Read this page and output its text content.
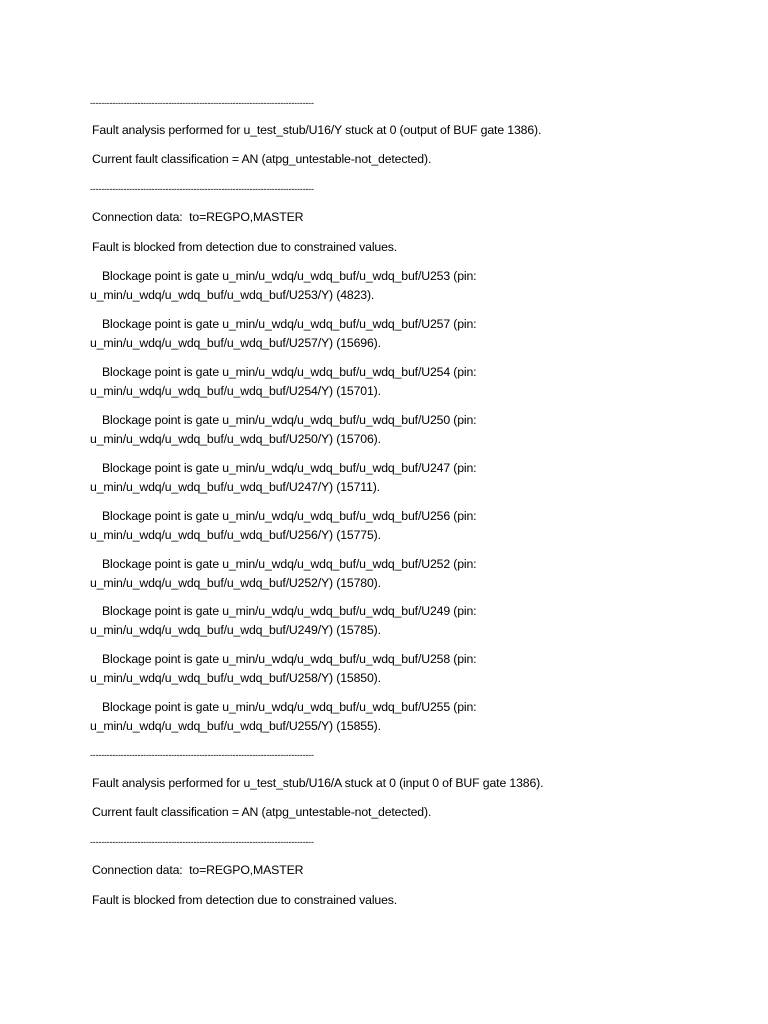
--------------------------------------------------------------------------------
Fault analysis performed for u_test_stub/U16/Y stuck at 0 (output of BUF gate 1386).
Current fault classification = AN (atpg_untestable-not_detected).
--------------------------------------------------------------------------------
Connection data:  to=REGPO,MASTER
Fault is blocked from detection due to constrained values.
Blockage point is gate u_min/u_wdq/u_wdq_buf/u_wdq_buf/U253 (pin:
u_min/u_wdq/u_wdq_buf/u_wdq_buf/U253/Y) (4823).
Blockage point is gate u_min/u_wdq/u_wdq_buf/u_wdq_buf/U257 (pin:
u_min/u_wdq/u_wdq_buf/u_wdq_buf/U257/Y) (15696).
Blockage point is gate u_min/u_wdq/u_wdq_buf/u_wdq_buf/U254 (pin:
u_min/u_wdq/u_wdq_buf/u_wdq_buf/U254/Y) (15701).
Blockage point is gate u_min/u_wdq/u_wdq_buf/u_wdq_buf/U250 (pin:
u_min/u_wdq/u_wdq_buf/u_wdq_buf/U250/Y) (15706).
Blockage point is gate u_min/u_wdq/u_wdq_buf/u_wdq_buf/U247 (pin:
u_min/u_wdq/u_wdq_buf/u_wdq_buf/U247/Y) (15711).
Blockage point is gate u_min/u_wdq/u_wdq_buf/u_wdq_buf/U256 (pin:
u_min/u_wdq/u_wdq_buf/u_wdq_buf/U256/Y) (15775).
Blockage point is gate u_min/u_wdq/u_wdq_buf/u_wdq_buf/U252 (pin:
u_min/u_wdq/u_wdq_buf/u_wdq_buf/U252/Y) (15780).
Blockage point is gate u_min/u_wdq/u_wdq_buf/u_wdq_buf/U249 (pin:
u_min/u_wdq/u_wdq_buf/u_wdq_buf/U249/Y) (15785).
Blockage point is gate u_min/u_wdq/u_wdq_buf/u_wdq_buf/U258 (pin:
u_min/u_wdq/u_wdq_buf/u_wdq_buf/U258/Y) (15850).
Blockage point is gate u_min/u_wdq/u_wdq_buf/u_wdq_buf/U255 (pin:
u_min/u_wdq/u_wdq_buf/u_wdq_buf/U255/Y) (15855).
--------------------------------------------------------------------------------
Fault analysis performed for u_test_stub/U16/A stuck at 0 (input 0 of BUF gate 1386).
Current fault classification = AN (atpg_untestable-not_detected).
--------------------------------------------------------------------------------
Connection data:  to=REGPO,MASTER
Fault is blocked from detection due to constrained values.
